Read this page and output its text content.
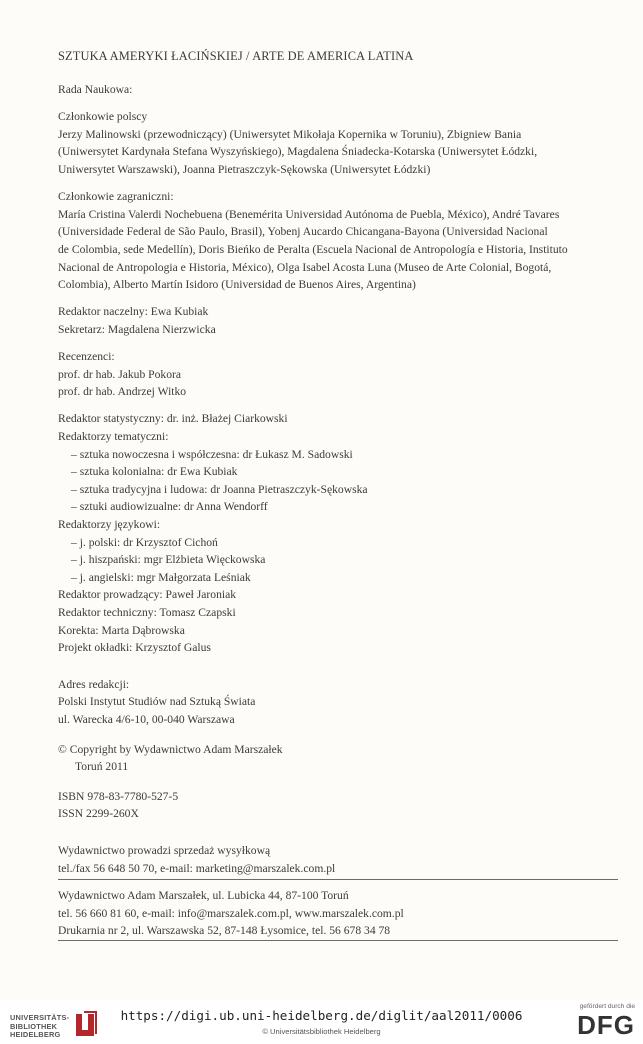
SZTUKA AMERYKI ŁACIŃSKIEJ / ARTE DE AMERICA LATINA

Rada Naukowa:

Członkowie polscy

Jerzy Malinowski (przewodniczący) (Uniwersytet Mikołaja Kopernika w Toruniu), Zbigniew Bania

(Uniwersytet Kardynała Stefana Wyszyńskiego), Magdalena Śniadecka-Kotarska (Uniwersytet Łódzki,

Uniwersytet Warszawski), Joanna Pietraszczyk-Sękowska (Uniwersytet Łódzki)

Członkowie zagraniczni:

María Cristina Valerdi Nochebuena (Benemérita Universidad Autónoma de Puebla, México), André Tavares

(Universidade Federal de São Paulo, Brasil), Yobenj Aucardo Chicangana-Bayona (Universidad Nacional

de Colombia, sede Medellín), Doris Bieńko de Peralta (Escuela Nacional de Antropología e Historia, Instituto

Nacional de Antropologia e Historia, México), Olga Isabel Acosta Luna (Museo de Arte Colonial, Bogotá,

Colombia), Alberto Martín Isidoro (Universidad de Buenos Aires, Argentina)

Redaktor naczelny: Ewa Kubiak

Sekretarz: Magdalena Nierzwicka

Recenzenci:

prof. dr hab. Jakub Pokora

prof. dr hab. Andrzej Witko

Redaktor statystyczny: dr. inż. Błażej Ciarkowski

Redaktorzy tematyczni:

– sztuka nowoczesna i współczesna: dr Łukasz M. Sadowski

– sztuka kolonialna: dr Ewa Kubiak

– sztuka tradycyjna i ludowa: dr Joanna Pietraszczyk-Sękowska

– sztuki audiowizualne: dr Anna Wendorff

Redaktorzy językowi:

– j. polski: dr Krzysztof Cichoń

– j. hiszpański: mgr Elżbieta Więckowska

– j. angielski: mgr Małgorzata Leśniak

Redaktor prowadzący: Paweł Jaroniak

Redaktor techniczny: Tomasz Czapski

Korekta: Marta Dąbrowska

Projekt okładki: Krzysztof Galus

Adres redakcji:

Polski Instytut Studiów nad Sztuką Świata

ul. Warecka 4/6-10, 00-040 Warszawa

© Copyright by Wydawnictwo Adam Marszałek

Toruń 2011

ISBN 978-83-7780-527-5

ISSN 2299-260X

Wydawnictwo prowadzi sprzedaż wysyłkową

tel./fax 56 648 50 70, e-mail: marketing@marszalek.com.pl

Wydawnictwo Adam Marszałek, ul. Lubicka 44, 87-100 Toruń

tel. 56 660 81 60, e-mail: info@marszalek.com.pl, www.marszalek.com.pl

Drukarnia nr 2, ul. Warszawska 52, 87-148 Łysomice, tel. 56 678 34 78

UNIVERSITÄTS-
BIBLIOTHEK
HEIDELBERG
https://digi.ub.uni-heidelberg.de/diglit/aal2011/0006
© Universitätsbibliothek Heidelberg
gefördert durch die
DFG
